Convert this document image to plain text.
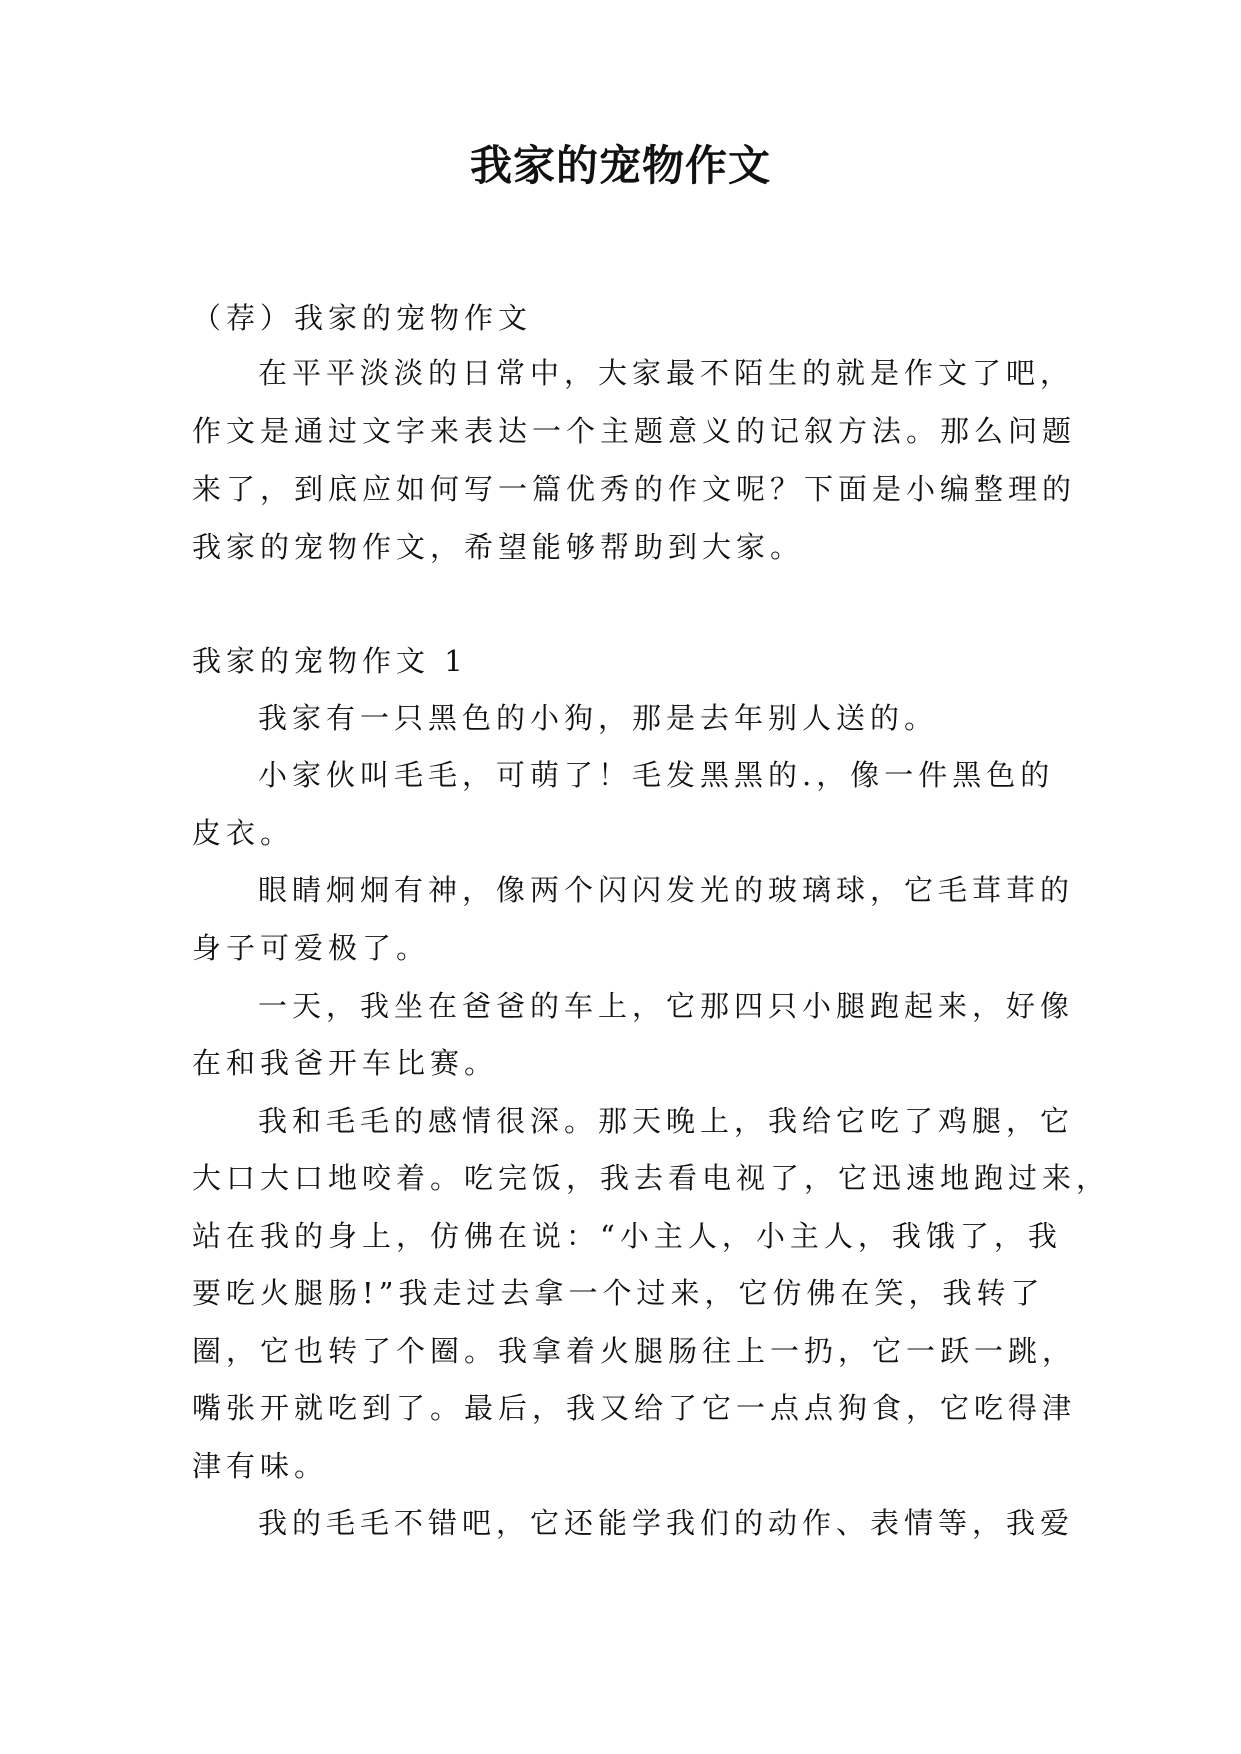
我家的宠物作文

（荐）我家的宠物作文

在平平淡淡的日常中，大家最不陌生的就是作文了吧，

作文是通过文字来表达一个主题意义的记叙方法。那么问题

来了，到底应如何写一篇优秀的作文呢？下面是小编整理的

我家的宠物作文，希望能够帮助到大家。

我家的宠物作文 1

我家有一只黑色的小狗，那是去年别人送的。

小家伙叫毛毛，可萌了！毛发黑黑的.，像一件黑色的

皮衣。

眼睛炯炯有神，像两个闪闪发光的玻璃球，它毛茸茸的

身子可爱极了。

一天，我坐在爸爸的车上，它那四只小腿跑起来，好像

在和我爸开车比赛。

我和毛毛的感情很深。那天晚上，我给它吃了鸡腿，它

大口大口地咬着。吃完饭，我去看电视了，它迅速地跑过来，

站在我的身上，仿佛在说：“小主人，小主人，我饿了，我

要吃火腿肠!”我走过去拿一个过来，它仿佛在笑，我转了

圈，它也转了个圈。我拿着火腿肠往上一扔，它一跃一跳，

嘴张开就吃到了。最后，我又给了它一点点狗食，它吃得津

津有味。

我的毛毛不错吧，它还能学我们的动作、表情等，我爱
